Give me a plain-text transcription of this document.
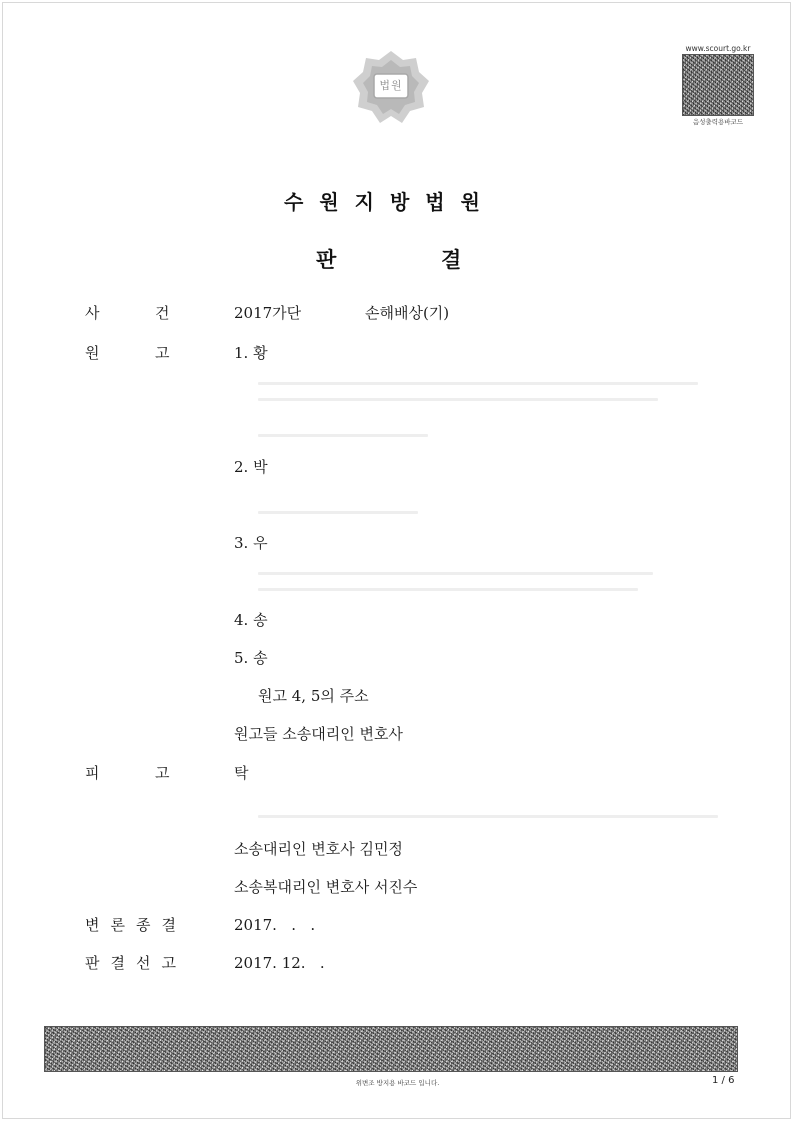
법원
www.scourt.go.kr
음성출력용바코드
수원지방법원
판	결
사	건	2017가단	손해배상(기)
원	고	1. 황
2. 박
3. 우
4. 송
5. 송
원고 4, 5의 주소
원고들 소송대리인 변호사
피	고	탁
소송대리인 변호사 김민정
소송복대리인 변호사 서진수
변론종결	2017.   .   .
판결선고	2017. 12.   .
위변조 방지용 바코드 입니다.	1 / 6
